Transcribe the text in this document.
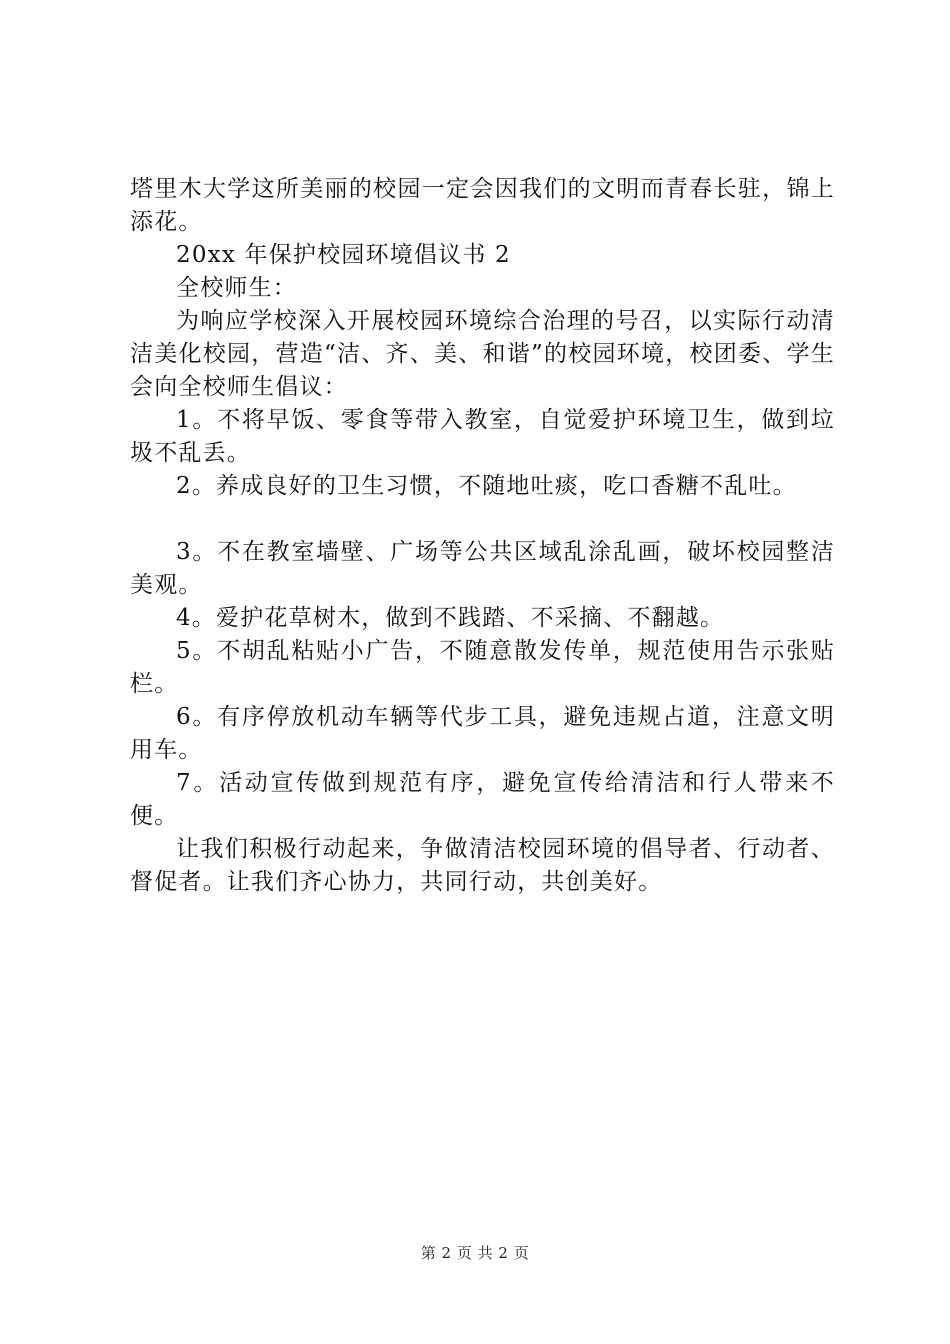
塔里木大学这所美丽的校园一定会因我们的文明而青春长驻，锦上添花。

20xx 年保护校园环境倡议书 2

全校师生：

为响应学校深入开展校园环境综合治理的号召，以实际行动清洁美化校园，营造“洁、齐、美、和谐”的校园环境，校团委、学生会向全校师生倡议：

1。不将早饭、零食等带入教室，自觉爱护环境卫生，做到垃圾不乱丢。

2。养成良好的卫生习惯，不随地吐痰，吃口香糖不乱吐。

3。不在教室墙壁、广场等公共区域乱涂乱画，破坏校园整洁美观。

4。爱护花草树木，做到不践踏、不采摘、不翻越。

5。不胡乱粘贴小广告，不随意散发传单，规范使用告示张贴栏。

6。有序停放机动车辆等代步工具，避免违规占道，注意文明用车。

7。活动宣传做到规范有序，避免宣传给清洁和行人带来不便。

让我们积极行动起来，争做清洁校园环境的倡导者、行动者、督促者。让我们齐心协力，共同行动，共创美好。

第 2 页 共 2 页
